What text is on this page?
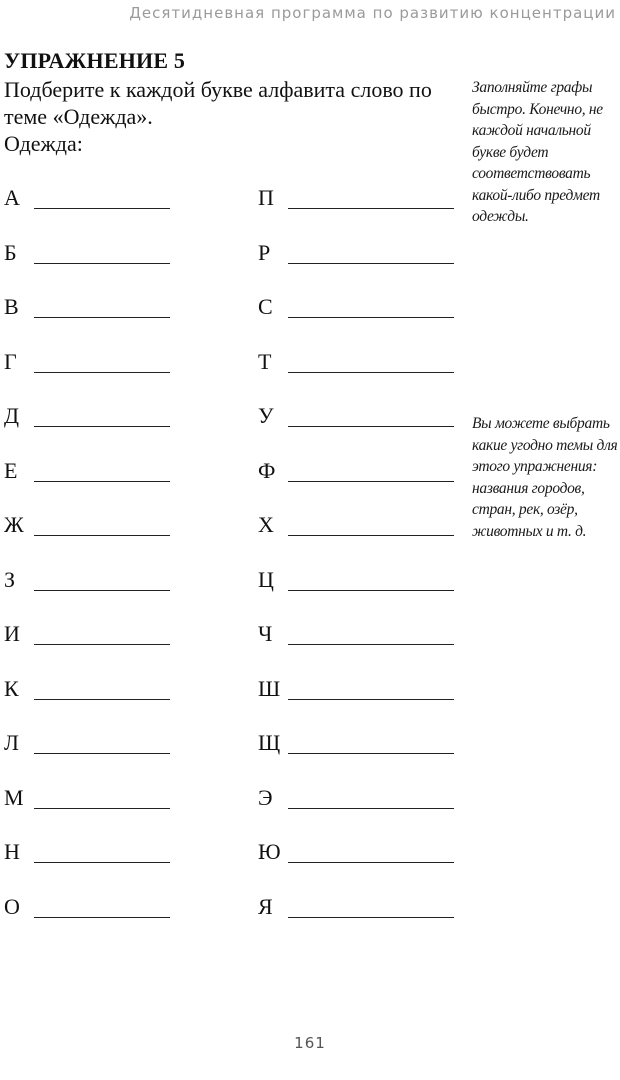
Десятидневная программа по развитию концентрации
УПРАЖНЕНИЕ 5
Подберите к каждой букве алфавита слово по теме «Одежда».
Одежда:
А	П
Б	Р
В	С
Г	Т
Д	У
Е	Ф
Ж	Х
З	Ц
И	Ч
К	Ш
Л	Щ
М	Э
Н	Ю
О	Я
Заполняйте графы быстро. Конечно, не каждой начальной букве будет соответствовать какой-либо предмет одежды.
Вы можете выбрать какие угодно темы для этого упражнения: названия городов, стран, рек, озёр, животных и т. д.
161
